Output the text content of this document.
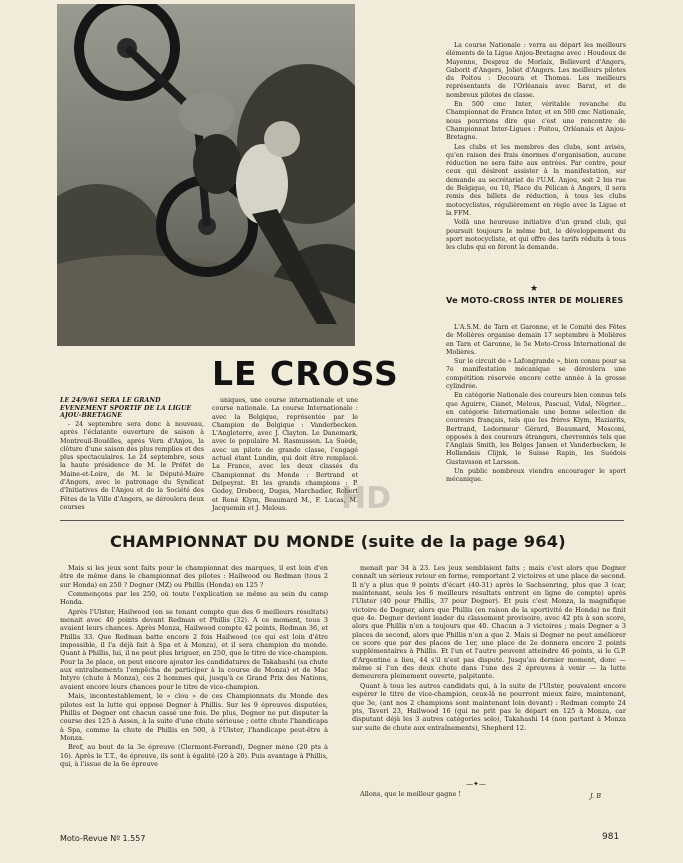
LE CROSS
LE 24/9/61 SERA LE GRAND EVENEMENT SPORTIF DE LA LIGUE AJOU-BRETAGNE

- 24 septembre sera donc à nouveau, après l'éclatante ouverture de saison à Montreuil-Bouëlles, après Vern d'Anjou, la clôture d'une saison des plus remplies et des plus spectaculaires. Le 24 septembre, sous la haute présidence de M. le Préfet de Maine-et-Loire, de M. le Député-Maire d'Angers, avec le patronage du Syndicat d'Initiatives de l'Anjou et de la Société des Fêtes de la Ville d'Angers, se déroulera deux courses

uniques, une course internationale et une course nationale. La course Internationale : avec la Belgique, représentée par le Champion de Belgique : Vanderbecken. L'Angleterre, avec J. Clayton. Le Danemark, avec le populaire M. Rasmussen. La Suède, avec un pilote de grande classe, l'engagé actuel étant Lundin, qui doit être remplacé. La France, avec les deux classés du Championnat du Monde : Bertrand et Delpeyrat. Et les grands champions : P. Godey, Drobecq, Dugas, Marchadier, Robert et René Klym, Beaumard M., F. Lucas, M. Jacquemin et J. Melous.

La course Nationale : verra au départ les meilleurs éléments de la Ligue Anjou-Bretagne avec : Houdoux de Mayenne, Desprez de Morlaix, Belleverd d'Angers, Gaborit d'Angers, Joliet d'Angers. Les meilleurs pilotes du Poitou : Decoura et Thomas. Les meilleurs représentants de l'Orléanais avec Barat, et de nombreux pilotes de classe.

En 500 cmc Inter, véritable revanche du Championnat de France Inter, et en 500 cmc Nationale, nous pourrions dire que c'est une rencontre de Championnat Inter-Ligues : Poitou, Orléanais et Anjou-Bretagne.

Les clubs et les membres des clubs, sont avisés, qu'en raison des frais énormes d'organisation, aucune réduction ne sera faite aux entrées. Par contre, pour ceux qui désirent assister à la manifestation, sur demande au secrétariat de l'U.M. Anjou, soit 2 bis rue de Belgique, ou 10, Place du Pélican à Angers, il sera remis des billets de réduction, à tous les clubs motocyclistes, régulièrement en règle avec la Ligue et la FFM.

Voilà une heureuse initiative d'un grand club, qui poursuit toujours le même but, le développement du sport motocycliste, et qui offre des tarifs réduits à tous les clubs qui en feront la demande.

★
Ve MOTO-CROSS INTER DE MOLIERES

L'A.S.M. de Tarn et Garonne, et le Comité des Fêtes de Molières organise demain 17 septembre à Molières en Tarn et Garonne, le 5e Moto-Cross International de Molières.

Sur le circuit de « Lafongrande », bien connu pour sa 7e manifestation mécanique se déroulera une compétition réservée encore cette année à la grosse cylindrée.

En catégorie Nationale des coureurs bien connus tels que Aguirre, Cianet, Melous, Pascual, Vidal, Nègrier... en catégorie Internationale une bonne sélection de coureurs français, tels que les frères Klym, Haziarits, Bertrand, Ledormeur Gérard, Beaumard, Mosconi, opposés à des coureurs étrangers, chevronnés tels que l'Anglais Smith, les Belges Jansen et Vanderbecken, le Hollandais Clijnk, le Suisse Rapin, les Suédois Gustavsson et Larsson.

Un public nombreux viendra encourager le sport mécanique.

HD
CHAMPIONNAT DU MONDE (suite de la page 964)

Mais si les jeux sont faits pour le championnat des marques, il est loin d'en être de même dans le championnat des pilotes : Hailwood ou Redman (tous 2 sur Honda) en 250 ? Degner (MZ) ou Phillis (Honda) en 125 ?

Commençons par les 250, où toute l'explication se même au sein du camp Honda.

Après l'Ulster, Hailwood (en se tenant compte que des 6 meilleurs résultats) menait avec 40 points devant Redman et Phillis (32). A ce moment, tous 3 avaient leurs chances. Après Monza, Hailwood compte 42 points, Redman 36, et Phillis 33. Que Redman batte encore 2 fois Hailwood (ce qui est loin d'être impossible, il l'a déjà fait à Spa et à Monza), et il sera champion du monde. Quant à Phillis, lui, il ne peut plus briguer, en 250, que le titre de vice-champion. Pour la 3e place, on peut encore ajouter les candidatures de Takahashi (sa chute aux entraînements l'empêcha de participer à la course de Monza) et de Mac Intyre (chute à Monza), ces 2 hommes qui, jusqu'à ce Grand Prix des Nations, avaient encore leurs chances pour le titre de vice-champion.

Mais, incontestablement, le « clou » de ces Championnats du Monde des pilotes est la lutte qui oppose Degner à Phillis. Sur les 9 épreuves disputées, Phillis et Degner ont chacun cassé une fois. De plus, Degner ne put disputer la course des 125 à Assen, à la suite d'une chute sérieuse ; cette chute l'handicapa à Spa, comme la chute de Phillis en 500, à l'Ulster, l'handicape peut-être à Monza.

Bref, au bout de la 3e épreuve (Clermont-Ferrand), Degner mène (20 pts à 16). Après le T.T., 4e épreuve, ils sont à égalité (20 à 20). Puis avantage à Phillis, qui, à l'issue de la 6e épreuve

menait par 34 à 23. Les jeux semblaient faits ; mais c'est alors que Degner connaît un sérieux retour en forme, remportant 2 victoires et une place de second. Il n'y a plus que 9 points d'écart (40-31) après le Sachsenring, plus que 3 (car, maintenant, seuls les 6 meilleurs résultats entrent en ligne de compte) après l'Ulster (40 pour Phillis, 37 pour Degner). Et puis c'est Monza, la magnifique victoire de Degner, alors que Phillis (en raison de la sportivité de Honda) ne finit que 4e. Degner devient leader du classement provisoire, avec 42 pts à son score, alors que Phillis n'en a toujours que 40. Chacun a 3 victoires ; mais Degner a 3 places de second, alors que Phillis n'en a que 2. Mais si Degner ne peut améliorer ce score que par des places de 1er, une place de 2e donnera encore 2 points supplémentaires à Phillis. Et l'un et l'autre peuvent atteindre 46 points, si le G.P. d'Argentine a lieu, 44 s'il n'est pas disputé. Jusqu'au dernier moment, donc — même si l'un des deux chute dans l'une des 2 épreuves à venir — la lutte demeurera pleinement ouverte, palpitante.

Quant à tous les autres candidats qui, à la suite de l'Ulster, pouvaient encore espérer le titre de vice-champion, ceux-là ne pourront mieux faire, maintenant, que 3e, (ant nos 2 champions sont maintenant loin devant) : Redman compte 24 pts, Taveri 23, Hailwood 16 (qui ne prit pas le départ en 125 à Monza, car disputant déjà les 3 autres catégories solo), Takahashi 14 (non partant à Monza sur suite de chute aux entraînements), Shepherd 12.

—✦—

Allons, que le meilleur gagne !	J. B
Moto-Revue Nº 1.557	981
